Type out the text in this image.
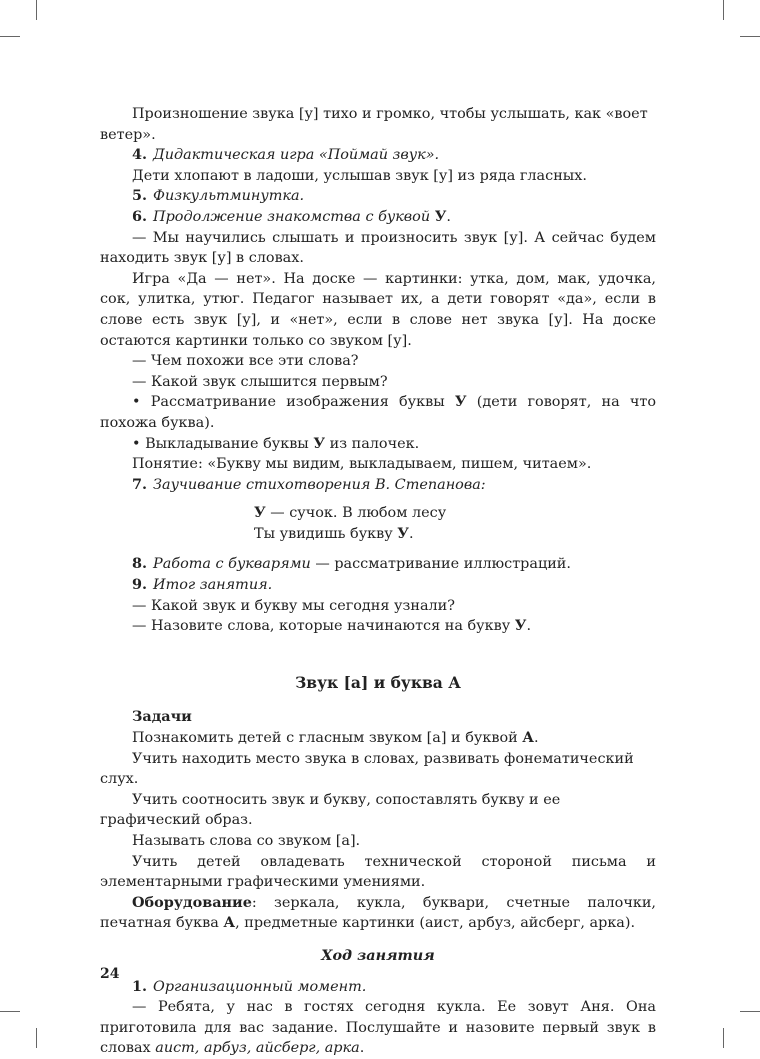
Произношение звука [у] тихо и громко, чтобы услышать, как «воет ветер».

4. Дидактическая игра «Поймай звук».

Дети хлопают в ладоши, услышав звук [у] из ряда гласных.

5. Физкультминутка.

6. Продолжение знакомства с буквой У.

— Мы научились слышать и произносить звук [у]. А сейчас будем находить звук [у] в словах.

Игра «Да — нет». На доске — картинки: утка, дом, мак, удочка, сок, улитка, утюг. Педагог называет их, а дети говорят «да», если в слове есть звук [у], и «нет», если в слове нет звука [у]. На доске остаются картинки только со звуком [у].

— Чем похожи все эти слова?

— Какой звук слышится первым?

• Рассматривание изображения буквы У (дети говорят, на что похожа буква).

• Выкладывание буквы У из палочек.

Понятие: «Букву мы видим, выкладываем, пишем, читаем».

7. Заучивание стихотворения В. Степанова:

У — сучок. В любом лесу

Ты увидишь букву У.

8. Работа с букварями — рассматривание иллюстраций.

9. Итог занятия.

— Какой звук и букву мы сегодня узнали?

— Назовите слова, которые начинаются на букву У.

Звук [а] и буква А

Задачи

Познакомить детей с гласным звуком [а] и буквой А.

Учить находить место звука в словах, развивать фонематический слух.

Учить соотносить звук и букву, сопоставлять букву и ее графический образ.

Называть слова со звуком [а].

Учить детей овладевать технической стороной письма и элементарными графическими умениями.

Оборудование: зеркала, кукла, буквари, счетные палочки, печатная буква А, предметные картинки (аист, арбуз, айсберг, арка).

Ход занятия

1. Организационный момент.

— Ребята, у нас в гостях сегодня кукла. Ее зовут Аня. Она приготовила для вас задание. Послушайте и назовите первый звук в словах аист, арбуз, айсберг, арка.

24
